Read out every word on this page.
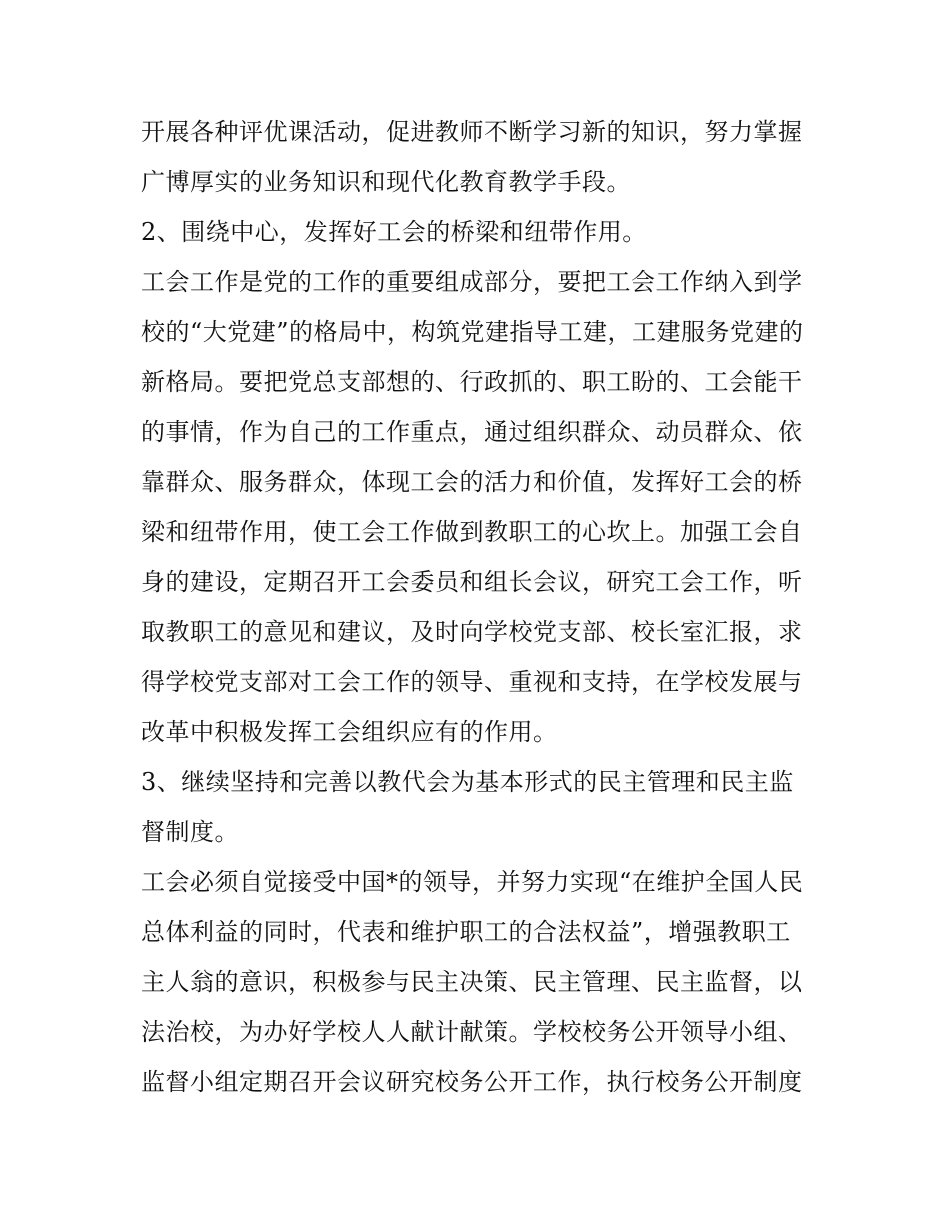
开展各种评优课活动，促进教师不断学习新的知识，努力掌握
广博厚实的业务知识和现代化教育教学手段。
2、围绕中心，发挥好工会的桥梁和纽带作用。
工会工作是党的工作的重要组成部分，要把工会工作纳入到学
校的“大党建”的格局中，构筑党建指导工建，工建服务党建的
新格局。要把党总支部想的、行政抓的、职工盼的、工会能干
的事情，作为自己的工作重点，通过组织群众、动员群众、依
靠群众、服务群众，体现工会的活力和价值，发挥好工会的桥
梁和纽带作用，使工会工作做到教职工的心坎上。加强工会自
身的建设，定期召开工会委员和组长会议，研究工会工作，听
取教职工的意见和建议，及时向学校党支部、校长室汇报，求
得学校党支部对工会工作的领导、重视和支持，在学校发展与
改革中积极发挥工会组织应有的作用。
3、继续坚持和完善以教代会为基本形式的民主管理和民主监
督制度。
工会必须自觉接受中国*的领导，并努力实现“在维护全国人民
总体利益的同时，代表和维护职工的合法权益”，增强教职工
主人翁的意识，积极参与民主决策、民主管理、民主监督，以
法治校，为办好学校人人献计献策。学校校务公开领导小组、
监督小组定期召开会议研究校务公开工作，执行校务公开制度
